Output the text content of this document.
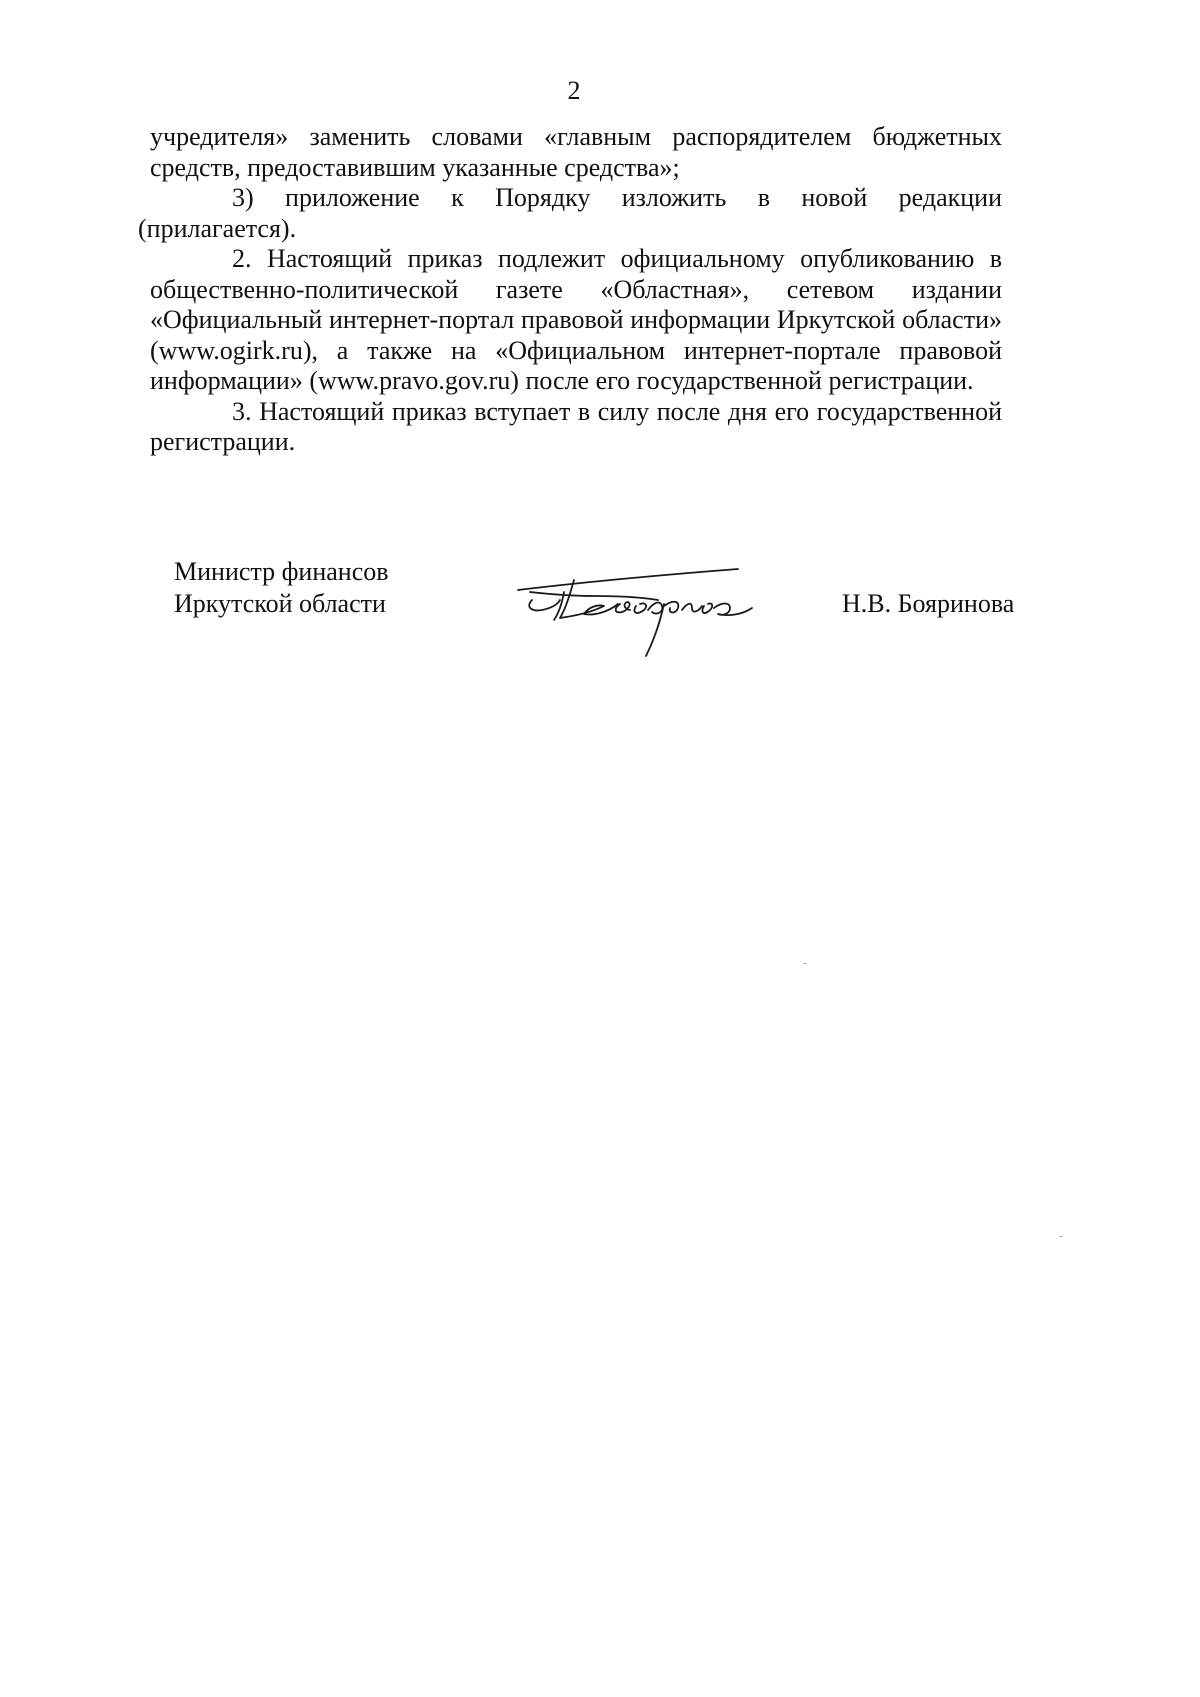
2

учредителя» заменить словами «главным распорядителем бюджетных средств, предоставившим указанные средства»;

3) приложение к Порядку изложить в новой редакции

(прилагается).

2. Настоящий приказ подлежит официальному опубликованию в общественно-политической газете «Областная», сетевом издании «Официальный интернет-портал правовой информации Иркутской области» (www.ogirk.ru), а также на «Официальном интернет-портале правовой информации» (www.pravo.gov.ru) после его государственной регистрации.

3. Настоящий приказ вступает в силу после дня его государственной регистрации.

Министр финансов
Иркутской области	Н.В. Бояринова
